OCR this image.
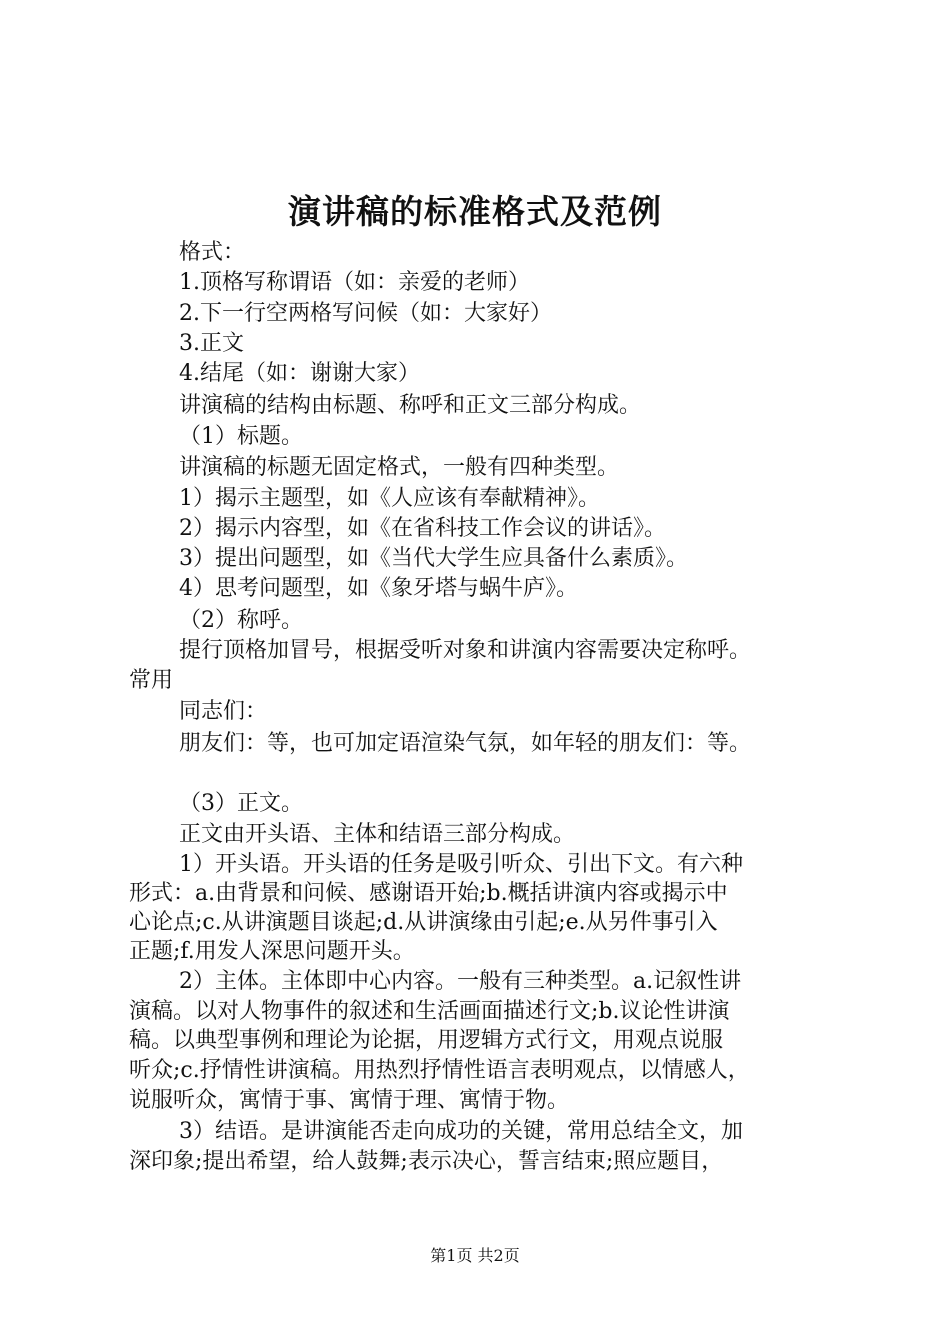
演讲稿的标准格式及范例
格式：
1.顶格写称谓语（如：亲爱的老师）
2.下一行空两格写问候（如：大家好）
3.正文
4.结尾（如：谢谢大家）
讲演稿的结构由标题、称呼和正文三部分构成。
（1）标题。
讲演稿的标题无固定格式，一般有四种类型。
1）揭示主题型，如《人应该有奉献精神》。
2）揭示内容型，如《在省科技工作会议的讲话》。
3）提出问题型，如《当代大学生应具备什么素质》。
4）思考问题型，如《象牙塔与蜗牛庐》。
（2）称呼。
提行顶格加冒号，根据受听对象和讲演内容需要决定称呼。
常用
同志们：
朋友们：等，也可加定语渲染气氛，如年轻的朋友们：等。
（3）正文。
正文由开头语、主体和结语三部分构成。
1）开头语。开头语的任务是吸引听众、引出下文。有六种
形式：a.由背景和问候、感谢语开始;b.概括讲演内容或揭示中
心论点;c.从讲演题目谈起;d.从讲演缘由引起;e.从另件事引入
正题;f.用发人深思问题开头。
2）主体。主体即中心内容。一般有三种类型。a.记叙性讲
演稿。以对人物事件的叙述和生活画面描述行文;b.议论性讲演
稿。以典型事例和理论为论据，用逻辑方式行文，用观点说服
听众;c.抒情性讲演稿。用热烈抒情性语言表明观点，以情感人，
说服听众，寓情于事、寓情于理、寓情于物。
3）结语。是讲演能否走向成功的关键，常用总结全文，加
深印象;提出希望，给人鼓舞;表示决心，誓言结束;照应题目，
第1页 共2页
